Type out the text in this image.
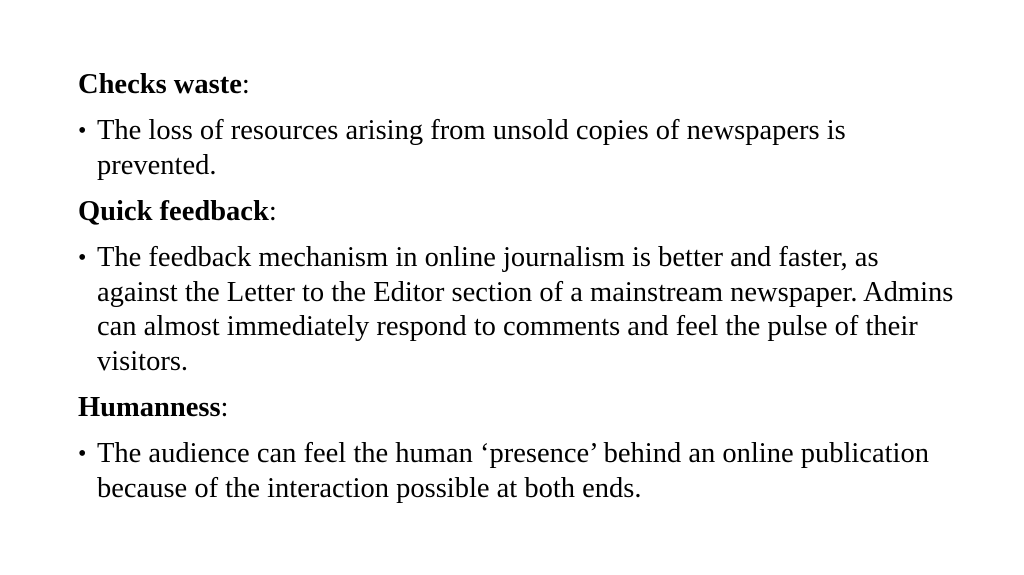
Checks waste:
• The loss of resources arising from unsold copies of newspapers is prevented.
Quick feedback:
• The feedback mechanism in online journalism is better and faster, as against the Letter to the Editor section of a mainstream newspaper. Admins can almost immediately respond to comments and feel the pulse of their visitors.
Humanness:
• The audience can feel the human ‘presence’ behind an online publication because of the interaction possible at both ends.
